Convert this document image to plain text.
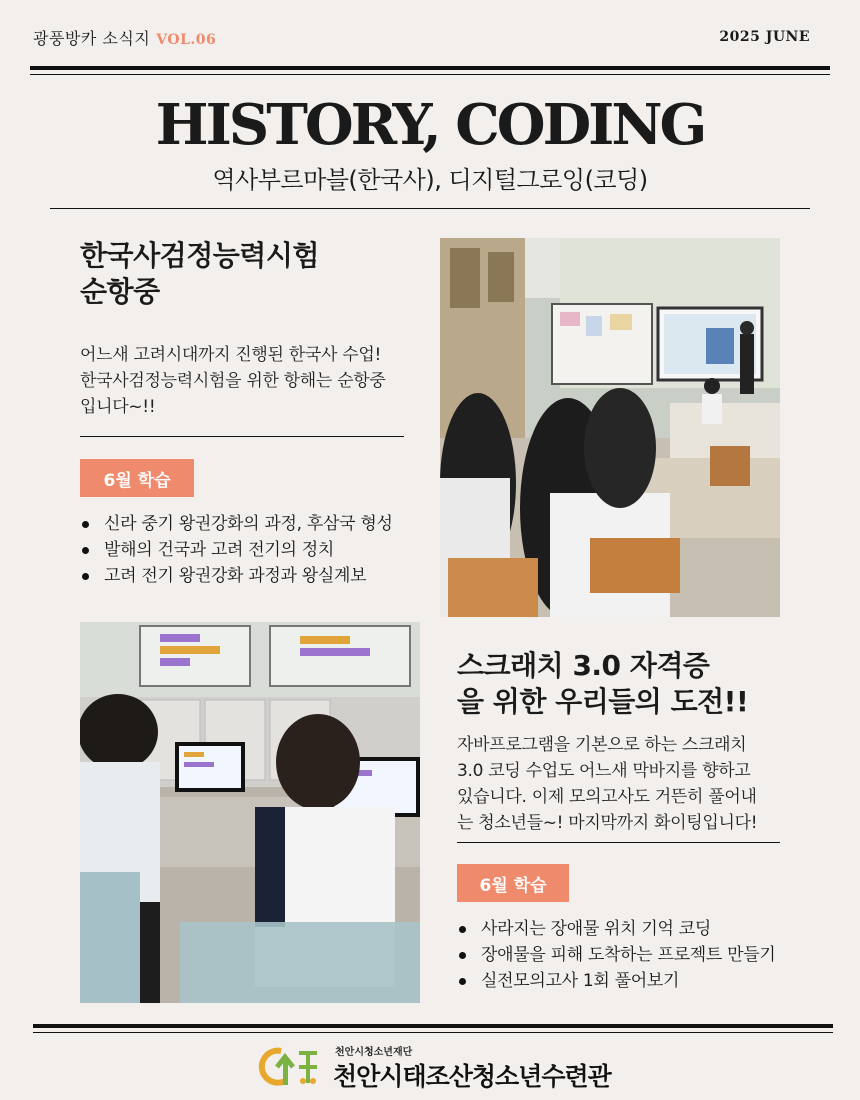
광풍방카 소식지 VOL.06	2025 JUNE
HISTORY, CODING
역사부르마블(한국사), 디지털그로잉(코딩)
한국사검정능력시험
순항중
어느새 고려시대까지 진행된 한국사 수업!
한국사검정능력시험을 위한 항해는 순항중
입니다~!!
6월 학습
신라 중기 왕권강화의 과정, 후삼국 형성
발해의 건국과 고려 전기의 정치
고려 전기 왕권강화 과정과 왕실계보
스크래치 3.0 자격증
을 위한 우리들의 도전!!
자바프로그램을 기본으로 하는 스크래치
3.0 코딩 수업도 어느새 막바지를 향하고
있습니다. 이제 모의고사도 거뜬히 풀어내
는 청소년들~! 마지막까지 화이팅입니다!
6월 학습
사라지는 장애물 위치 기억 코딩
장애물을 피해 도착하는 프로젝트 만들기
실전모의고사 1회 풀어보기
천안시청소년재단
천안시태조산청소년수련관
